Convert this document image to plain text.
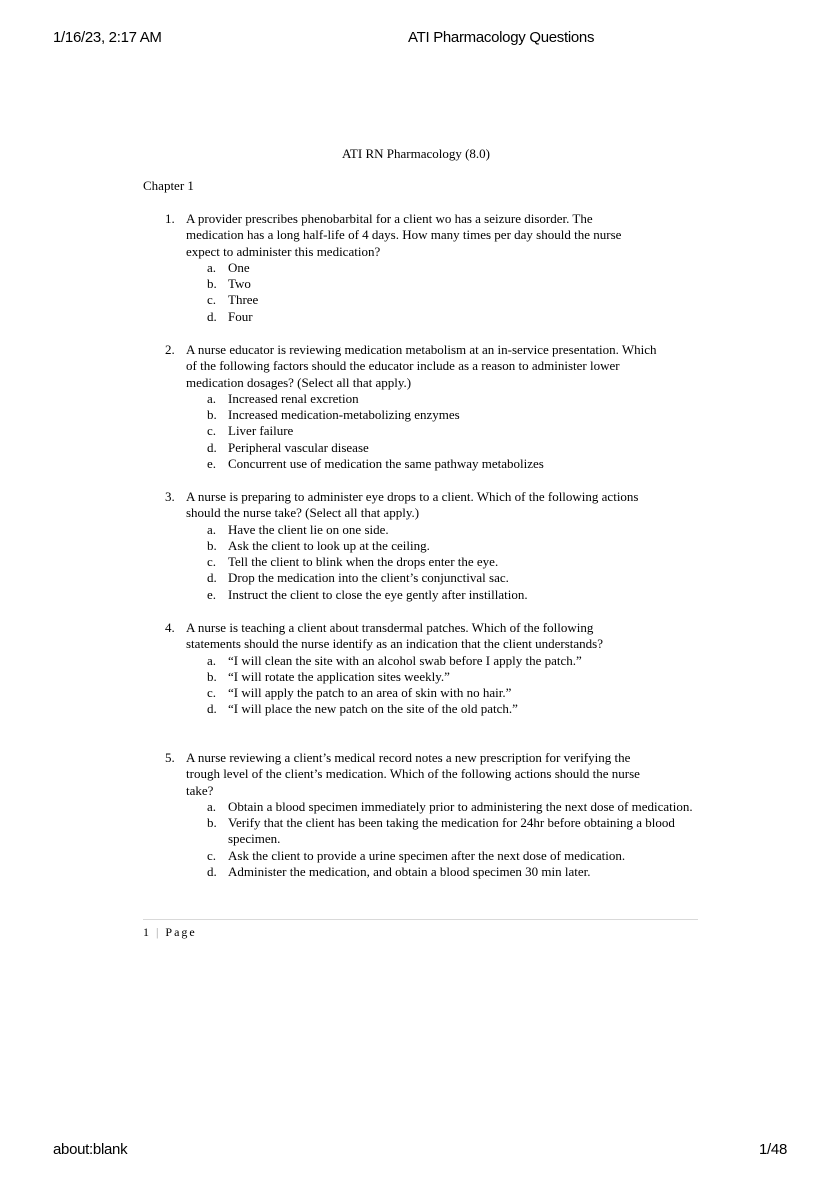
1/16/23, 2:17 AM	ATI Pharmacology Questions
ATI RN Pharmacology (8.0)
Chapter 1
1. A provider prescribes phenobarbital for a client wo has a seizure disorder. The medication has a long half-life of 4 days. How many times per day should the nurse expect to administer this medication?
a. One
b. Two
c. Three
d. Four
2. A nurse educator is reviewing medication metabolism at an in-service presentation. Which of the following factors should the educator include as a reason to administer lower medication dosages? (Select all that apply.)
a. Increased renal excretion
b. Increased medication-metabolizing enzymes
c. Liver failure
d. Peripheral vascular disease
e. Concurrent use of medication the same pathway metabolizes
3. A nurse is preparing to administer eye drops to a client. Which of the following actions should the nurse take? (Select all that apply.)
a. Have the client lie on one side.
b. Ask the client to look up at the ceiling.
c. Tell the client to blink when the drops enter the eye.
d. Drop the medication into the client’s conjunctival sac.
e. Instruct the client to close the eye gently after instillation.
4. A nurse is teaching a client about transdermal patches. Which of the following statements should the nurse identify as an indication that the client understands?
a. “I will clean the site with an alcohol swab before I apply the patch.”
b. “I will rotate the application sites weekly.”
c. “I will apply the patch to an area of skin with no hair.”
d. “I will place the new patch on the site of the old patch.”
5. A nurse reviewing a client’s medical record notes a new prescription for verifying the trough level of the client’s medication. Which of the following actions should the nurse take?
a. Obtain a blood specimen immediately prior to administering the next dose of medication.
b. Verify that the client has been taking the medication for 24hr before obtaining a blood specimen.
c. Ask the client to provide a urine specimen after the next dose of medication.
d. Administer the medication, and obtain a blood specimen 30 min later.
1 | Page
about:blank	1/48
